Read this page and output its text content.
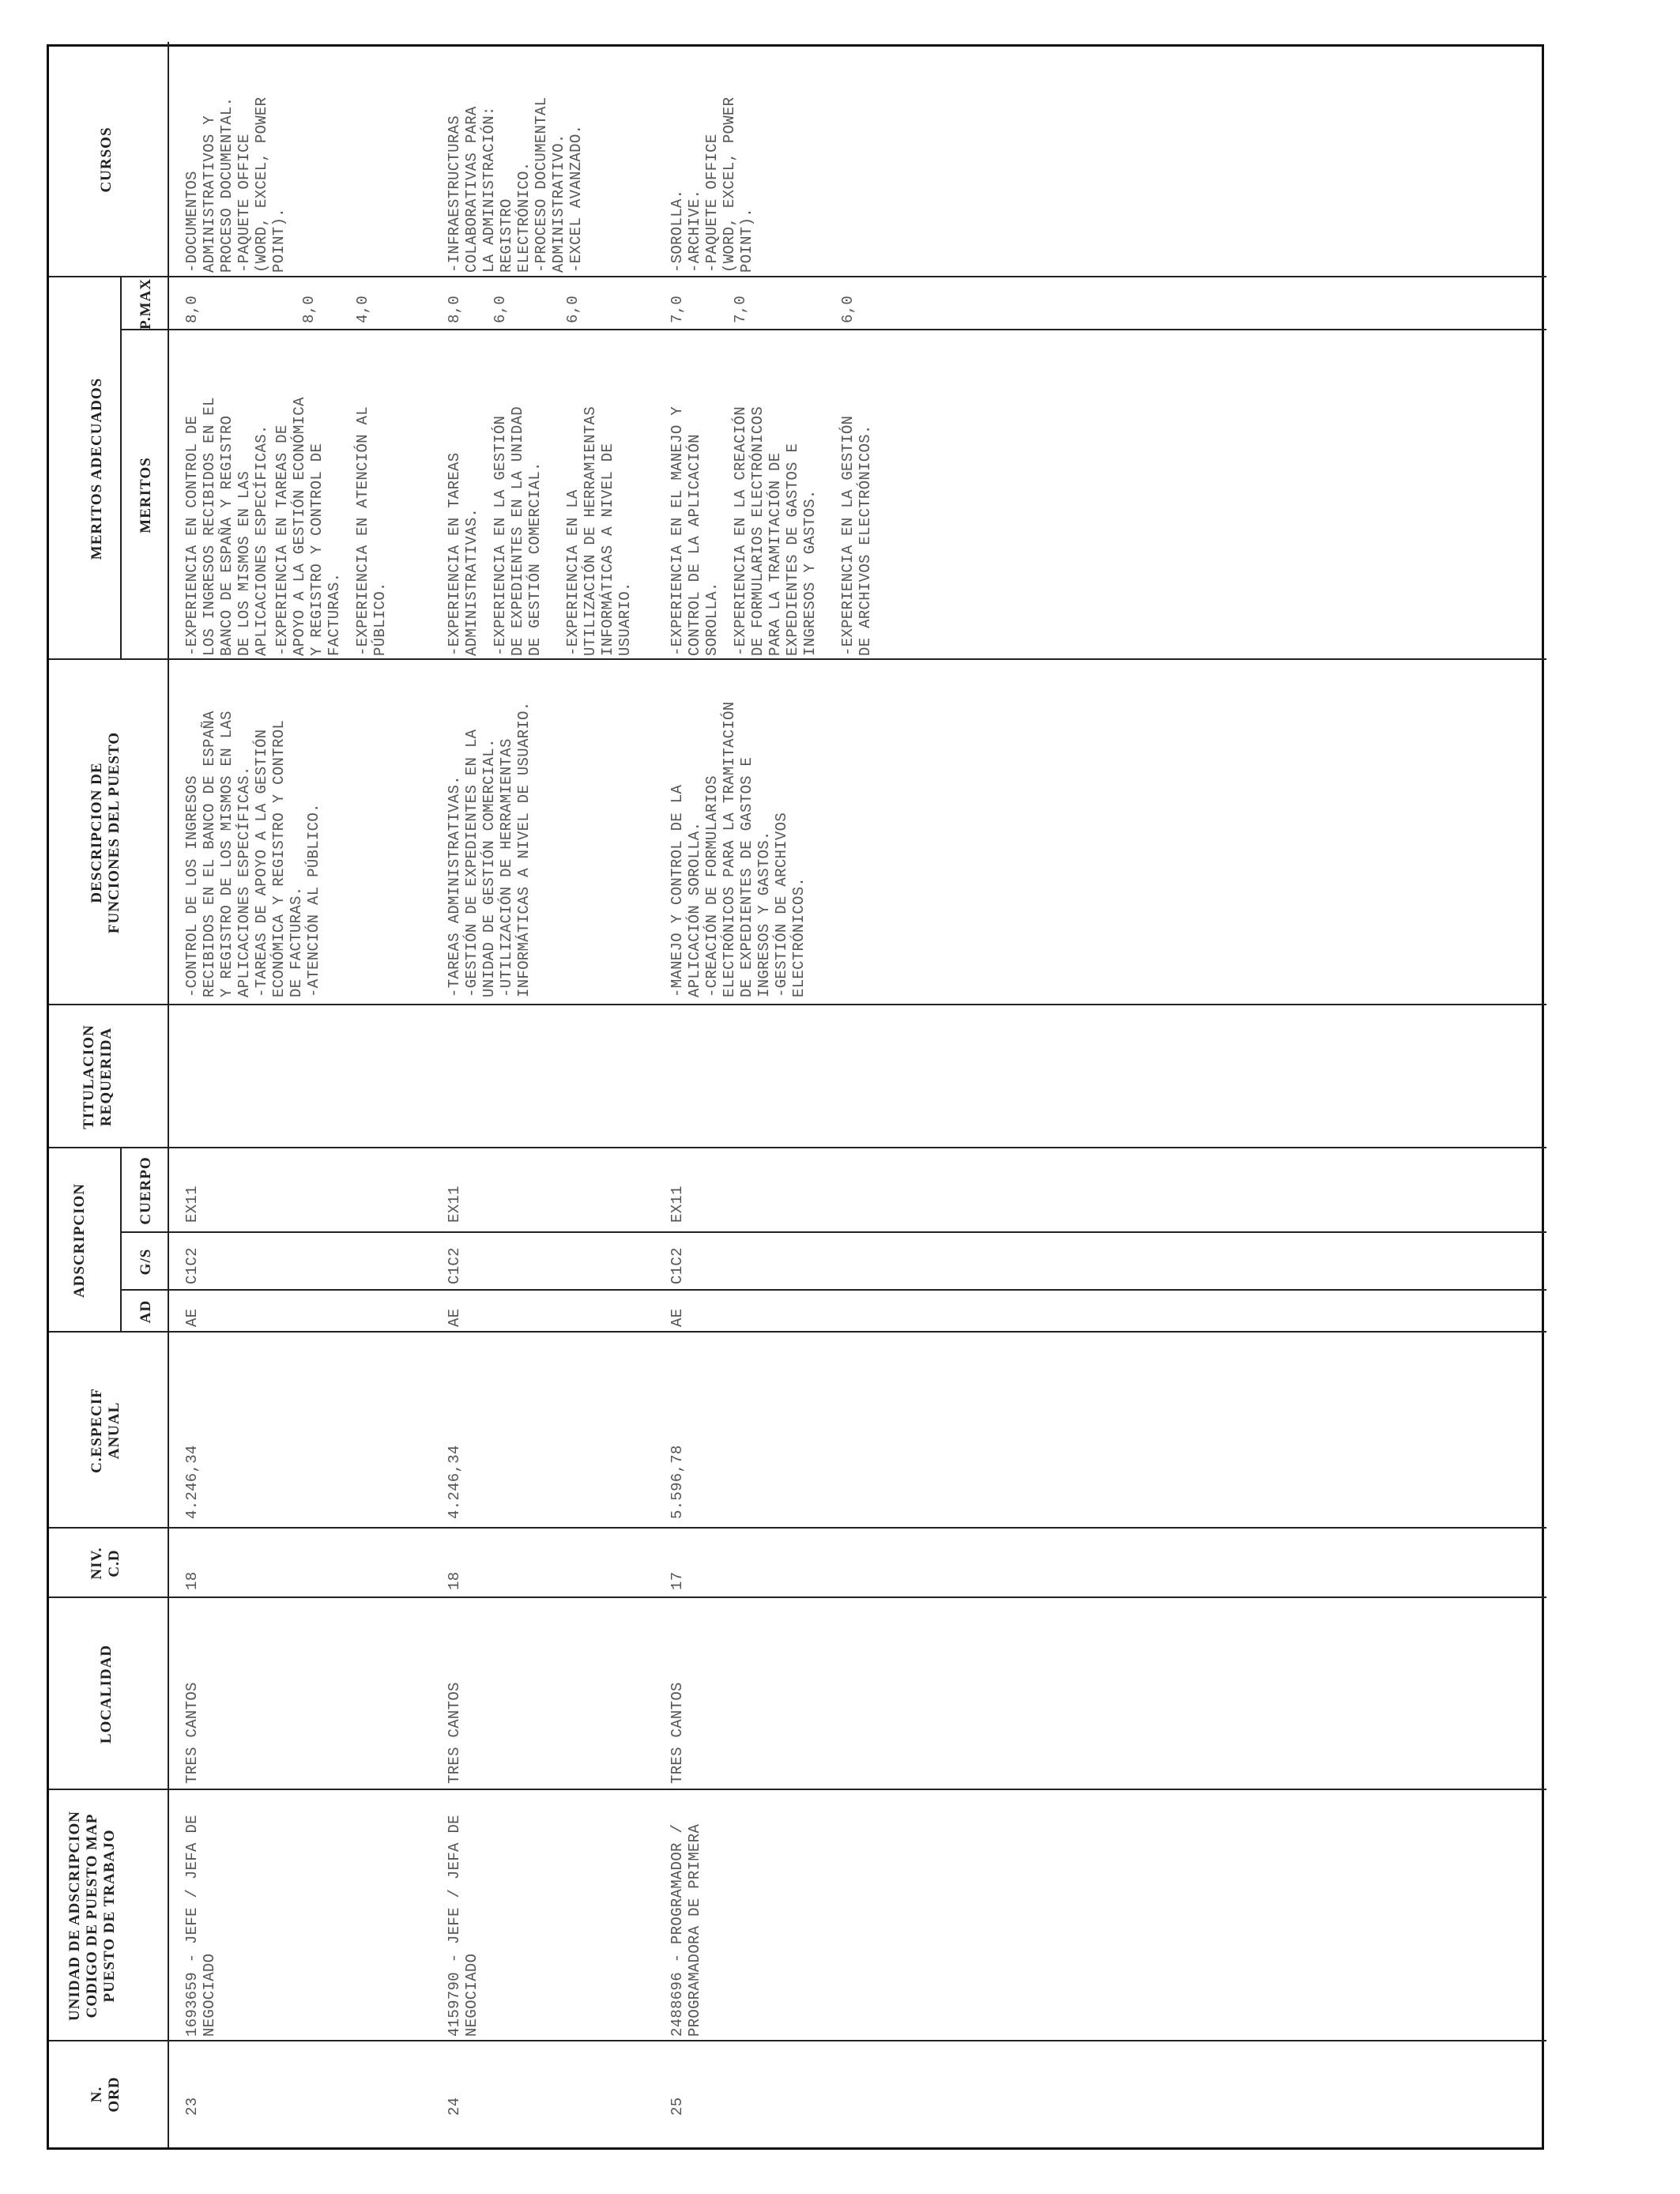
N.
ORD
UNIDAD DE ADSCRIPCION
CODIGO DE PUESTO MAP
PUESTO DE TRABAJO
LOCALIDAD
NIV.
C.D
C.ESPECIF
ANUAL
ADSCRIPCION
AD
G/S
CUERPO
TITULACION
REQUERIDA
DESCRIPCION DE
FUNCIONES DEL PUESTO
MERITOS ADECUADOS MERITOS
P.MAX
CURSOS
23
1693659 - JEFE / JEFA DE
NEGOCIADO
TRES CANTOS
18
4.246,34
AE
C1C2
EX11
-CONTROL DE LOS INGRESOS
RECIBIDOS EN EL BANCO DE ESPAÑA
Y REGISTRO DE LOS MISMOS EN LAS
APLICACIONES ESPECÍFICAS.
-TAREAS DE APOYO A LA GESTIÓN
ECONÓMICA Y REGISTRO Y CONTROL
DE FACTURAS.
-ATENCIÓN AL PÚBLICO.
-EXPERIENCIA EN CONTROL DE
LOS INGRESOS RECIBIDOS EN EL
BANCO DE ESPAÑA Y REGISTRO
DE LOS MISMOS EN LAS
APLICACIONES ESPECÍFICAS.
8,0
-EXPERIENCIA EN TAREAS DE
APOYO A LA GESTIÓN ECONÓMICA
Y REGISTRO Y CONTROL DE
FACTURAS.
8,0
-EXPERIENCIA EN ATENCIÓN AL
PÚBLICO.
4,0
-DOCUMENTOS
ADMINISTRATIVOS Y
PROCESO DOCUMENTAL.
-PAQUETE OFFICE
(WORD, EXCEL, POWER
POINT).
24
4159790 - JEFE / JEFA DE
NEGOCIADO
TRES CANTOS
18
4.246,34
AE
C1C2
EX11
-TAREAS ADMINISTRATIVAS.
-GESTIÓN DE EXPEDIENTES EN LA
UNIDAD DE GESTIÓN COMERCIAL.
-UTILIZACIÓN DE HERRAMIENTAS
INFORMÁTICAS A NIVEL DE USUARIO.
-EXPERIENCIA EN TAREAS
ADMINISTRATIVAS.
8,0
-EXPERIENCIA EN LA GESTIÓN
DE EXPEDIENTES EN LA UNIDAD
DE GESTIÓN COMERCIAL.
6,0
-EXPERIENCIA EN LA
UTILIZACIÓN DE HERRAMIENTAS
INFORMÁTICAS A NIVEL DE
USUARIO.
6,0
-INFRAESTRUCTURAS
COLABORATIVAS PARA
LA ADMINISTRACIÓN:
REGISTRO
ELECTRÓNICO.
-PROCESO DOCUMENTAL
ADMINISTRATIVO.
-EXCEL AVANZADO.
25
2488696 - PROGRAMADOR /
PROGRAMADORA DE PRIMERA
TRES CANTOS
17
5.596,78
AE
C1C2
EX11
-MANEJO Y CONTROL DE LA
APLICACIÓN SOROLLA.
-CREACIÓN DE FORMULARIOS
ELECTRÓNICOS PARA LA TRAMITACIÓN
DE EXPEDIENTES DE GASTOS E
INGRESOS Y GASTOS.
-GESTIÓN DE ARCHIVOS
ELECTRÓNICOS.
-EXPERIENCIA EN EL MANEJO Y
CONTROL DE LA APLICACIÓN
SOROLLA.
7,0
-EXPERIENCIA EN LA CREACIÓN
DE FORMULARIOS ELECTRÓNICOS
PARA LA TRAMITACIÓN DE
EXPEDIENTES DE GASTOS E
INGRESOS Y GASTOS.
7,0
-EXPERIENCIA EN LA GESTIÓN
DE ARCHIVOS ELECTRÓNICOS.
6,0
-SOROLLA.
-ARCHIVE.
-PAQUETE OFFICE
(WORD, EXCEL, POWER
POINT).
